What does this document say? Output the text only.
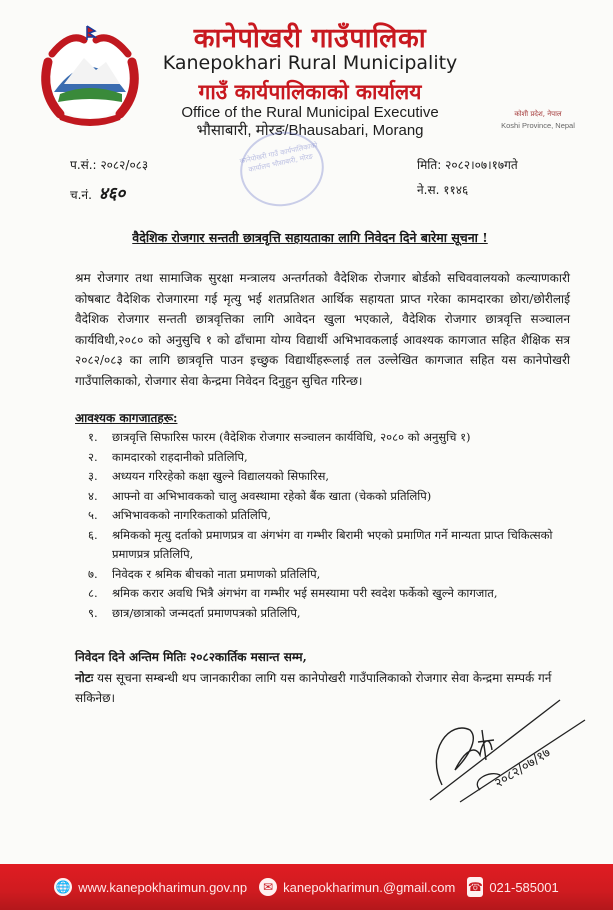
कानेपोखरी गाउँपालिका
Kanepokhari Rural Municipality
गाउँ कार्यपालिकाको कार्यालय
Office of the Rural Municipal Executive
भौसाबारी, मोरङ/Bhausabari, Morang
कोशी प्रदेश, नेपाल
Koshi Province, Nepal
प.सं.: २०८२/०८३
च.नं. ४६०
कानेपोखरी गाउँ कार्यपालिकाको कार्यालय भौसाबारी, मोरङ	मिति: २०८२।०७।१७गते
ने.स. ११४६
वैदेशिक रोजगार सन्तती छात्रवृत्ति सहायताका लागि निवेदन दिने बारेमा सूचना !
श्रम रोजगार तथा सामाजिक सुरक्षा मन्त्रालय अन्तर्गतको वैदेशिक रोजगार बोर्डको सचिववालयको कल्याणकारी कोषबाट वैदेशिक रोजगारमा गई मृत्यु भई शतप्रतिशत आर्थिक सहायता प्राप्त गरेका कामदारका छोरा/छोरीलाई वैदेशिक रोजगार सन्तती छात्रवृत्तिका लागि आवेदन खुला भएकाले, वैदेशिक रोजगार छात्रवृत्ति सञ्चालन कार्यविधी,२०८० को अनुसुचि १ को ढाँचामा योग्य विद्यार्थी अभिभावकलाई आवश्यक कागजात सहित शैक्षिक सत्र २०८२/०८३ का लागि छात्रवृत्ति पाउन इच्छुक विद्यार्थीहरूलाई तल उल्लेखित कागजात सहित यस कानेपोखरी गाउँपालिकाको, रोजगार सेवा केन्द्रमा निवेदन दिनुहुन सुचित गरिन्छ।
आवश्यक कागजातहरू:
१.	छात्रवृत्ति सिफारिस फारम (वैदेशिक रोजगार सञ्चालन कार्यविधि, २०८० को अनुसुचि १)
२.	कामदारको राहदानीको प्रतिलिपि,
३.	अध्ययन गरिरहेको कक्षा खुल्ने विद्यालयको सिफारिस,
४.	आफ्नो वा अभिभावकको चालु अवस्थामा रहेको बैंक खाता (चेकको प्रतिलिपि)
५.	अभिभावकको नागरिकताको प्रतिलिपि,
६.	श्रमिकको मृत्यु दर्ताको प्रमाणप्रत्र वा अंगभंग वा गम्भीर बिरामी भएको प्रमाणित गर्ने मान्यता प्राप्त चिकित्सको प्रमाणप्रत्र प्रतिलिपि,
७.	निवेदक र श्रमिक बीचको नाता प्रमाणको प्रतिलिपि,
८.	श्रमिक करार अवधि भित्रै अंगभंग वा गम्भीर भई समस्यामा परी स्वदेश फर्केको खुल्ने कागजात,
९.	छात्र/छात्राको जन्मदर्ता प्रमाणपत्रको प्रतिलिपि,
निवेदन दिने अन्तिम मितिः २०८२कार्तिक मसान्त सम्म,
नोटः यस सूचना सम्बन्धी थप जानकारीका लागि यस कानेपोखरी गाउँपालिकाको रोजगार सेवा केन्द्रमा सम्पर्क गर्न सकिनेछ।
२०८२/०७/१७
🌐 www.kanepokharimun.gov.np	✉ kanepokharimun.@gmail.com ☎ 021-585001
